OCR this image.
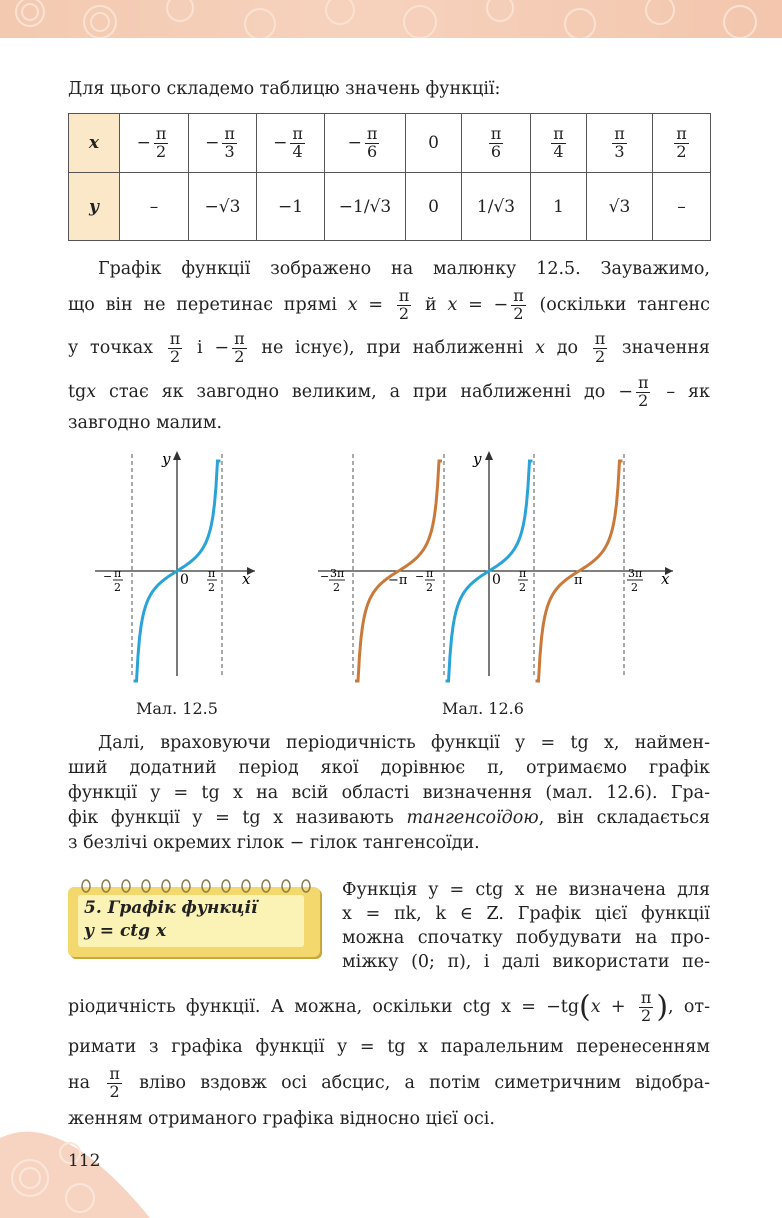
Для цього складемо таблицю значень функції:
x	− $\frac{\pi}{2}$	− $\frac{\pi}{3}$	− $\frac{\pi}{4}$	− $\frac{\pi}{6}$	0	$\frac{\pi}{6}$	$\frac{\pi}{4}$	$\frac{\pi}{3}$	$\frac{\pi}{2}$

y	–	−√3	−1	−1/√3	0	1/√3	1	√3	–
Графік функції зображено на малюнку 12.5. Зауважимо,
що він не перетинає прямі $x = \frac{\pi}{2}$ й x = − $\frac{\pi}{2}$ (оскільки тангенс
у точках $\frac{\pi}{2}$ $і - \frac{\pi}{2}$ не існує), при наближенні x до $\frac{\pi}{2}$ значення
tgx стає як завгодно великим, а при наближенні до − $\frac{\pi}{2}$ – як
завгодно малим.
y
x
0
− π
2
π
2
Мал. 12.5
y
x
0
− 3π
2	−π − π
2
π
2	π	3π
2
Мал. 12.6
Далі, враховуючи періодичність функції y = tg x, наймен-
ший додатний період якої дорівнює π, отримаємо графік
функції y = tg x на всій області визначення (мал. 12.6). Гра-
фік функції y = tg x називають тангенсоїдою, він складається
з безлічі окремих гілок − гілок тангенсоїди.
5. Графік функції
y = ctg x
Функція y = ctg x не визначена для
x = πk, k ∈ Z. Графік цієї функції
можна спочатку побудувати на про-
міжку (0; π), і далі використати пе-
ріодичність функції. А можна, оскільки ctg $x = -tg(x + \frac{\pi}{2}$ ), от-
римати з графіка функції y = tg x паралельним перенесенням
на $\frac{\pi}{2}$ вліво вздовж осі абсцис, а потім симетричним відобра-
женням отриманого графіка відносно цієї осі.
112
